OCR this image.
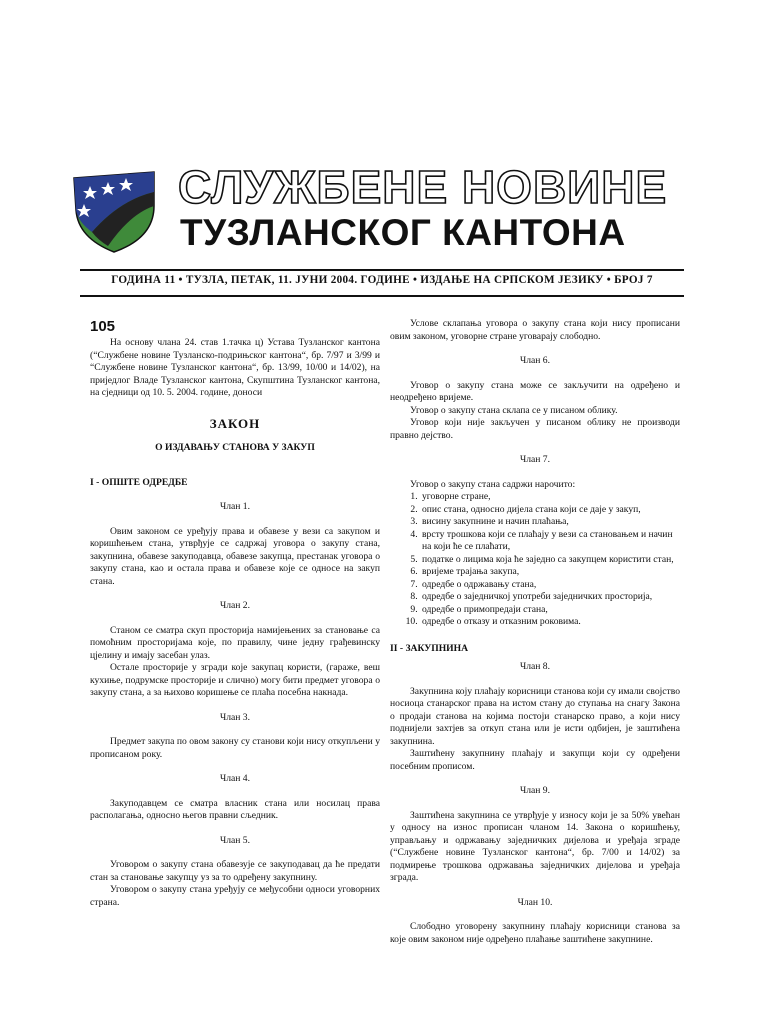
СЛУЖБЕНЕ НОВИНЕ
ТУЗЛАНСКОГ КАНТОНА
ГОДИНА 11 • ТУЗЛА, ПЕТАК, 11. ЈУНИ 2004. ГОДИНЕ • ИЗДАЊЕ НА СРПСКОМ ЈЕЗИКУ • БРОЈ 7
105

На основу члана 24. став 1.тачка ц) Устава Тузланског кантона (“Службене новине Тузланско-подрињског кантона“, бр. 7/97 и 3/99 и “Службене новине Тузланског кантона“, бр. 13/99, 10/00 и 14/02), на приједлог Владе Тузланског кантона, Скупштина Тузланског кантона, на сједници од 10. 5. 2004. године, доноси

ЗАКОН
О ИЗДАВАЊУ СТАНОВА У ЗАКУП
I - ОПШТЕ ОДРЕДБЕ

Члан 1.

Овим законом се уређују права и обавезе у вези са закупом и коришћењем стана, утврђује се садржај уговора о закупу стана, закупнина, обавезе закуподавца, обавезе закупца, престанак уговора о закупу стана, као и остала права и обавезе које се односе на закуп стана.

Члан 2.

Станом се сматра скуп просторија намијењених за становање са помоћним просторијама које, по правилу, чине једну грађевинску цјелину и имају засебан улаз.

Остале просторије у згради које закупац користи, (гараже, веш кухиње, подрумске просторије и слично) могу бити предмет уговора о закупу стана, а за њихово коришење се плаћа посебна накнада.

Члан 3.

Предмет закупа по овом закону су станови који нису откупљени у прописаном року.

Члан 4.

Закуподавцем се сматра власник стана или носилац права располагања, односно његов правни сљедник.

Члан 5.

Уговором о закупу стана обавезује се закуподавац да ће предати стан за становање закупцу уз за то одређену закупнину.

Уговором о закупу стана уређују се међусобни односи уговорних страна.

Услове склапања уговора о закупу стана који нису прописани овим законом, уговорне стране уговарају слободно.

Члан 6.

Уговор о закупу стана може се закључити на одређено и неодређено вријеме.

Уговор о закупу стана склапа се у писаном облику.

Уговор који није закључен у писаном облику не производи правно дејство.

Члан 7.

Уговор о закупу стана садржи нарочито:

1. уговорне стране,
2. опис стана, односно дијела стана који се даје у закуп,
3. висину закупнине и начин плаћања,
4. врсту трошкова који се плаћају у вези са становањем и начин на који ће се плаћати,
5. податке о лицима која ће заједно са закупцем користити стан,
6. вријеме трајања закупа,
7. одредбе о одржавању стана,
8. одредбе о заједничкој употреби заједничких просторија,
9. одредбе о примопредаји стана,
10. одредбе о отказу и отказним роковима.
II - ЗАКУПНИНА

Члан 8.

Закупнина коју плаћају корисници станова који су имали својство носиоца станарског права на истом стану до ступања на снагу Закона о продаји станова на којима постоји станарско право, а који нису поднијели захтјев за откуп стана или је исти одбијен, је заштићена закупнина.

Заштићену закупнину плаћају и закупци који су одређени посебним прописом.

Члан 9.

Заштићена закупнина се утврђује у износу који је за 50% увећан у односу на износ прописан чланом 14. Закона о коришћењу, управљању и одржавању заједничких дијелова и уређаја зграде (“Службене новине Тузланског кантона“, бр. 7/00 и 14/02) за подмирење трошкова одржавања заједничких дијелова и уређаја зграда.

Члан 10.

Слободно уговорену закупнину плаћају корисници станова за које овим законом није одређено плаћање заштићене закупнине.
